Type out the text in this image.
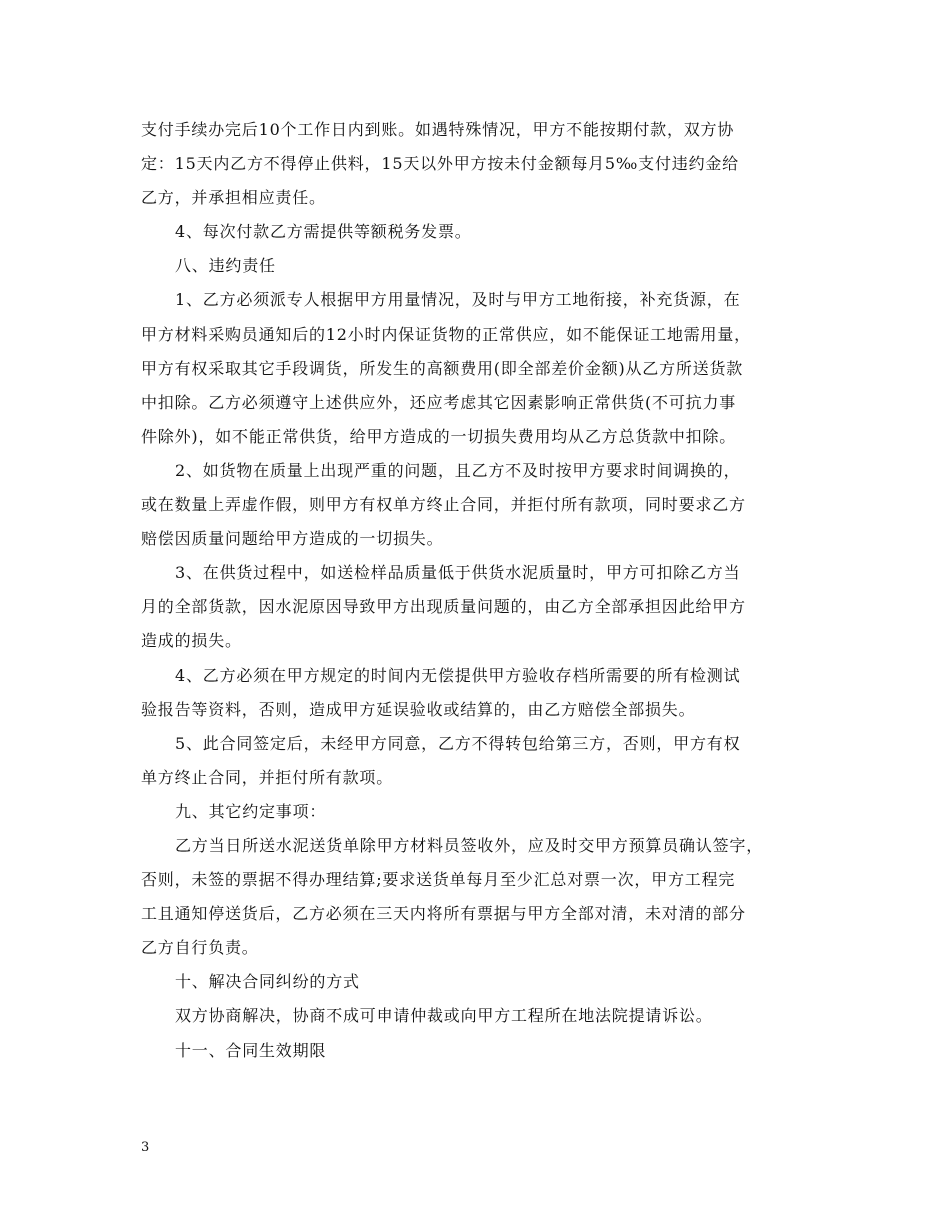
支付手续办完后10个工作日内到账。如遇特殊情况，甲方不能按期付款，双方协
定：15天内乙方不得停止供料，15天以外甲方按未付金额每月5‰支付违约金给
乙方，并承担相应责任。
4、每次付款乙方需提供等额税务发票。
八、违约责任
1、乙方必须派专人根据甲方用量情况，及时与甲方工地衔接，补充货源，在
甲方材料采购员通知后的12小时内保证货物的正常供应，如不能保证工地需用量，
甲方有权采取其它手段调货，所发生的高额费用(即全部差价金额)从乙方所送货款
中扣除。乙方必须遵守上述供应外，还应考虑其它因素影响正常供货(不可抗力事
件除外)，如不能正常供货，给甲方造成的一切损失费用均从乙方总货款中扣除。
2、如货物在质量上出现严重的问题，且乙方不及时按甲方要求时间调换的，
或在数量上弄虚作假，则甲方有权单方终止合同，并拒付所有款项，同时要求乙方
赔偿因质量问题给甲方造成的一切损失。
3、在供货过程中，如送检样品质量低于供货水泥质量时，甲方可扣除乙方当
月的全部货款，因水泥原因导致甲方出现质量问题的，由乙方全部承担因此给甲方
造成的损失。
4、乙方必须在甲方规定的时间内无偿提供甲方验收存档所需要的所有检测试
验报告等资料，否则，造成甲方延误验收或结算的，由乙方赔偿全部损失。
5、此合同签定后，未经甲方同意，乙方不得转包给第三方，否则，甲方有权
单方终止合同，并拒付所有款项。
九、其它约定事项：
乙方当日所送水泥送货单除甲方材料员签收外，应及时交甲方预算员确认签字，
否则，未签的票据不得办理结算;要求送货单每月至少汇总对票一次，甲方工程完
工且通知停送货后，乙方必须在三天内将所有票据与甲方全部对清，未对清的部分
乙方自行负责。
十、解决合同纠纷的方式
双方协商解决，协商不成可申请仲裁或向甲方工程所在地法院提请诉讼。
十一、合同生效期限
3
